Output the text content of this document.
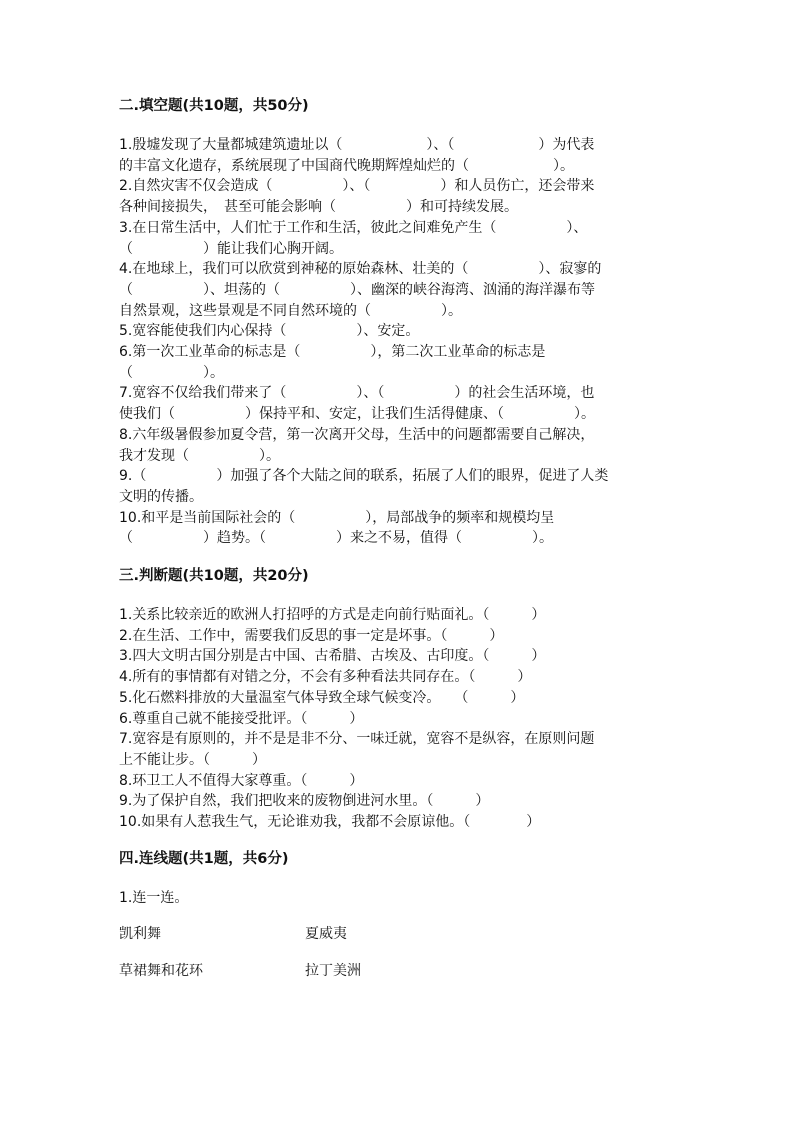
二.填空题(共10题，共50分)

1.殷墟发现了大量都城建筑遗址以（　　　　　　）、（　　　　　　）为代表
的丰富文化遗存，系统展现了中国商代晚期辉煌灿烂的（　　　　　　）。

2.自然灾害不仅会造成（　　　　　）、（　　　　　）和人员伤亡，还会带来
各种间接损失，　甚至可能会影响（　　　　　）和可持续发展。

3.在日常生活中，人们忙于工作和生活，彼此之间难免产生（　　　　　）、
（　　　　　）能让我们心胸开阔。

4.在地球上，我们可以欣赏到神秘的原始森林、壮美的（　　　　　）、寂寥的
（　　　　　）、坦荡的（　　　　　）、幽深的峡谷海湾、汹涌的海洋瀑布等
自然景观，这些景观是不同自然环境的（　　　　　）。

5.宽容能使我们内心保持（　　　　　）、安定。

6.第一次工业革命的标志是（　　　　　），第二次工业革命的标志是
（　　　　　）。

7.宽容不仅给我们带来了（　　　　　）、（　　　　　）的社会生活环境，也
使我们（　　　　　）保持平和、安定，让我们生活得健康、（　　　　　）。

8.六年级暑假参加夏令营，第一次离开父母，生活中的问题都需要自己解决，
我才发现（　　　　　）。

9.（　　　　　）加强了各个大陆之间的联系，拓展了人们的眼界，促进了人类
文明的传播。

10.和平是当前国际社会的（　　　　　），局部战争的频率和规模均呈
（　　　　　）趋势。（　　　　　）来之不易，值得（　　　　　）。

三.判断题(共10题，共20分)

1.关系比较亲近的欧洲人打招呼的方式是走向前行贴面礼。（　　　）

2.在生活、工作中，需要我们反思的事一定是坏事。（　　　）

3.四大文明古国分别是古中国、古希腊、古埃及、古印度。（　　　）

4.所有的事情都有对错之分，不会有多种看法共同存在。（　　　）

5.化石燃料排放的大量温室气体导致全球气候变冷。　　（　　　）

6.尊重自己就不能接受批评。（　　　）

7.宽容是有原则的，并不是是非不分、一味迁就，宽容不是纵容，在原则问题
上不能让步。（　　　）

8.环卫工人不值得大家尊重。（　　　）

9.为了保护自然，我们把收来的废物倒进河水里。（　　　）

10.如果有人惹我生气，无论谁劝我，我都不会原谅他。（　　　　）

四.连线题(共1题，共6分)

1.连一连。

凯利舞	夏威夷
草裙舞和花环	拉丁美洲
